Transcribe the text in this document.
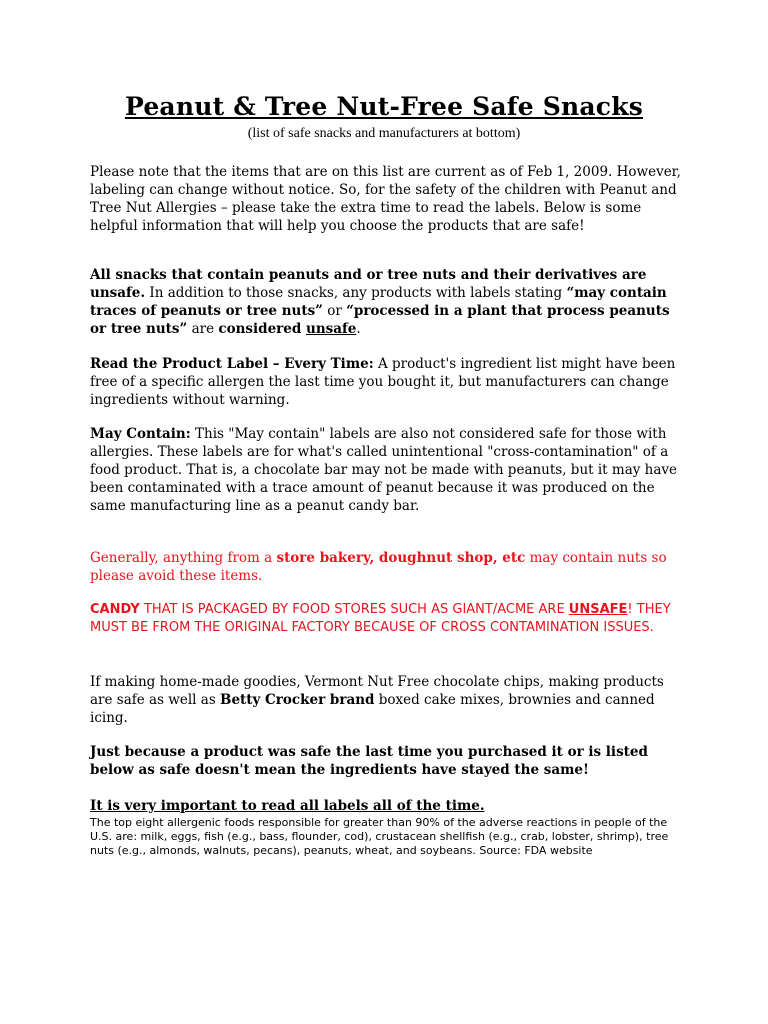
Peanut & Tree Nut-Free Safe Snacks
(list of safe snacks and manufacturers at bottom)

Please note that the items that are on this list are current as of Feb 1, 2009. However, labeling can change without notice. So, for the safety of the children with Peanut and Tree Nut Allergies – please take the extra time to read the labels. Below is some helpful information that will help you choose the products that are safe!

All snacks that contain peanuts and or tree nuts and their derivatives are unsafe. In addition to those snacks, any products with labels stating “may contain traces of peanuts or tree nuts” or “processed in a plant that process peanuts or tree nuts” are considered unsafe.

Read the Product Label – Every Time: A product's ingredient list might have been free of a specific allergen the last time you bought it, but manufacturers can change ingredients without warning.

May Contain: This "May contain" labels are also not considered safe for those with allergies. These labels are for what's called unintentional "cross-contamination" of a food product. That is, a chocolate bar may not be made with peanuts, but it may have been contaminated with a trace amount of peanut because it was produced on the same manufacturing line as a peanut candy bar.

Generally, anything from a store bakery, doughnut shop, etc may contain nuts so please avoid these items.

CANDY THAT IS PACKAGED BY FOOD STORES SUCH AS GIANT/ACME ARE UNSAFE! THEY MUST BE FROM THE ORIGINAL FACTORY BECAUSE OF CROSS CONTAMINATION ISSUES.

If making home-made goodies, Vermont Nut Free chocolate chips, making products are safe as well as Betty Crocker brand boxed cake mixes, brownies and canned icing.

Just because a product was safe the last time you purchased it or is listed below as safe doesn't mean the ingredients have stayed the same!

It is very important to read all labels all of the time.

The top eight allergenic foods responsible for greater than 90% of the adverse reactions in people of the U.S. are: milk, eggs, fish (e.g., bass, flounder, cod), crustacean shellfish (e.g., crab, lobster, shrimp), tree nuts (e.g., almonds, walnuts, pecans), peanuts, wheat, and soybeans. Source: FDA website
